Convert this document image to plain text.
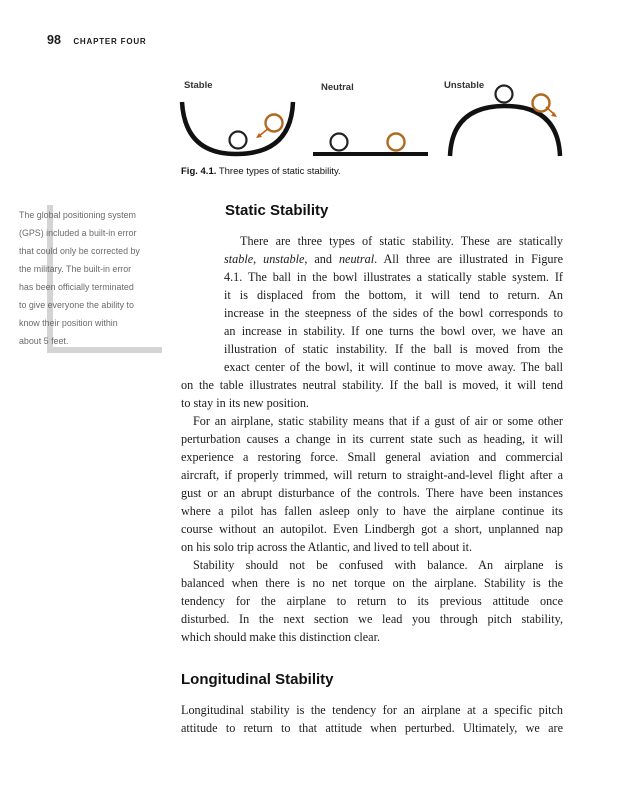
98 CHAPTER FOUR
Stable	Neutral	Unstable
Fig. 4.1. Three types of static stability.
The global positioning system
(GPS) included a built-in error
that could only be corrected by
the military. The built-in error
has been officially terminated
to give everyone the ability to
know their position within
about 5 feet.
Static Stability
There are three types of static stability. These are statically
stable, unstable, and neutral. All three are illustrated in Figure
4.1. The ball in the bowl illustrates a statically stable system. If
it is displaced from the bottom, it will tend to return. An
increase in the steepness of the sides of the bowl corresponds to
an increase in stability. If one turns the bowl over, we have an
illustration of static instability. If the ball is moved from the
exact center of the bowl, it will continue to move away. The ball
on the table illustrates neutral stability. If the ball is moved, it will tend
to stay in its new position.
For an airplane, static stability means that if a gust of air or some other
perturbation causes a change in its current state such as heading, it will
experience a restoring force. Small general aviation and commercial
aircraft, if properly trimmed, will return to straight-and-level flight after a
gust or an abrupt disturbance of the controls. There have been instances
where a pilot has fallen asleep only to have the airplane continue its
course without an autopilot. Even Lindbergh got a short, unplanned nap
on his solo trip across the Atlantic, and lived to tell about it.
Stability should not be confused with balance. An airplane is
balanced when there is no net torque on the airplane. Stability is the
tendency for the airplane to return to its previous attitude once
disturbed. In the next section we lead you through pitch stability,
which should make this distinction clear.
Longitudinal Stability
Longitudinal stability is the tendency for an airplane at a specific pitch
attitude to return to that attitude when perturbed. Ultimately, we are
